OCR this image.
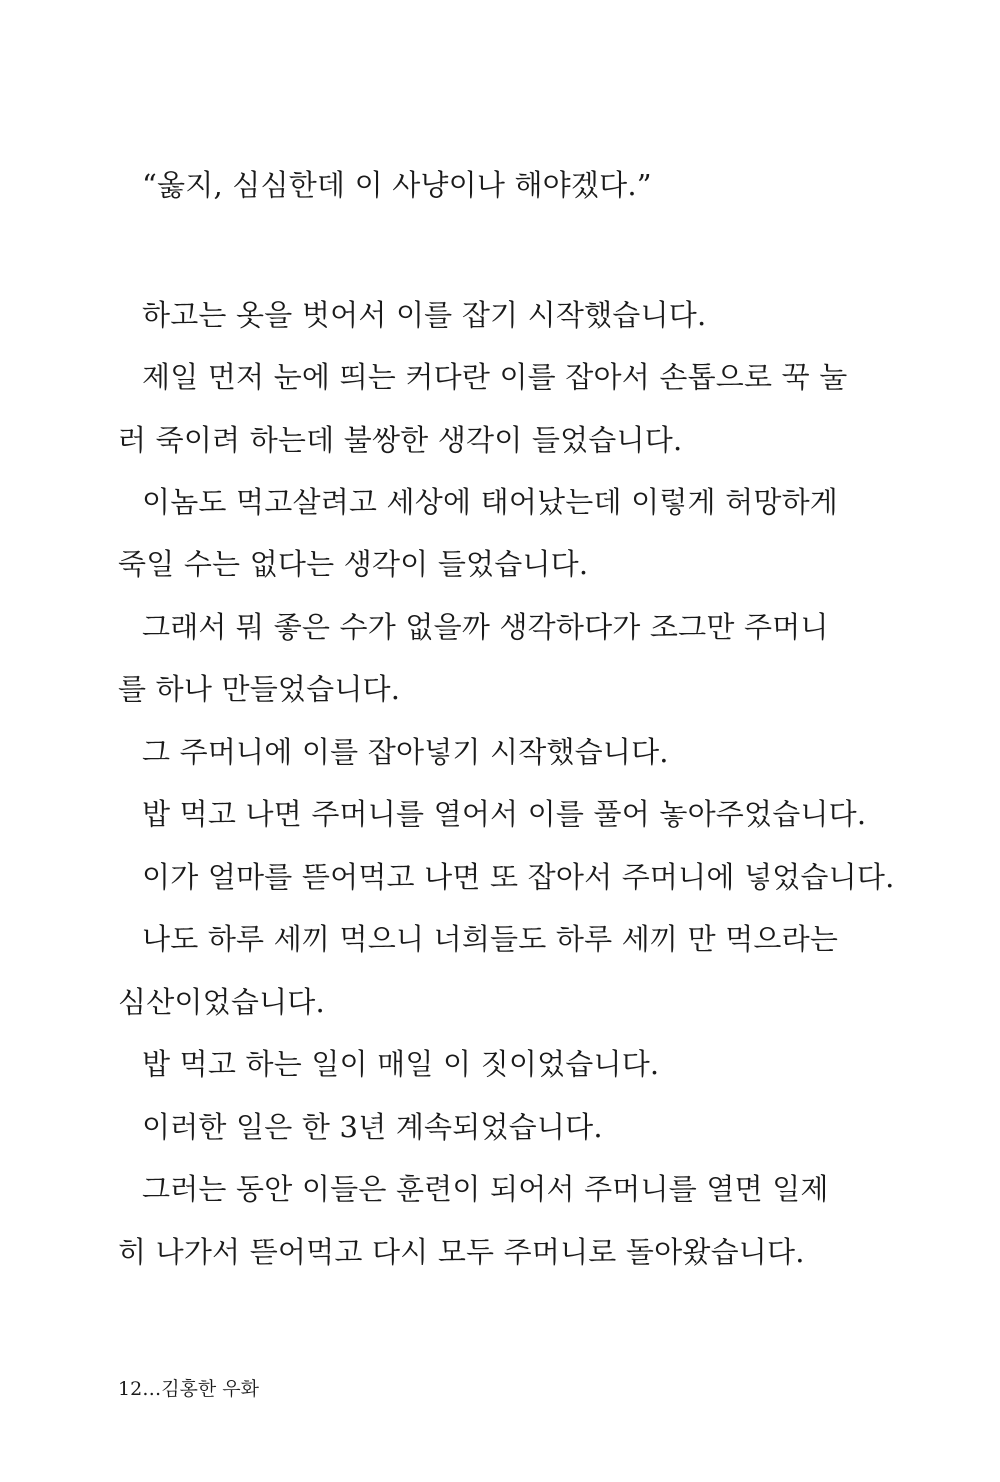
“옳지, 심심한데 이 사냥이나 해야겠다.”
하고는 옷을 벗어서 이를 잡기 시작했습니다.
제일 먼저 눈에 띄는 커다란 이를 잡아서 손톱으로 꾹 눌
러 죽이려 하는데 불쌍한 생각이 들었습니다.
이놈도 먹고살려고 세상에 태어났는데 이렇게 허망하게
죽일 수는 없다는 생각이 들었습니다.
그래서 뭐 좋은 수가 없을까 생각하다가 조그만 주머니
를 하나 만들었습니다.
그 주머니에 이를 잡아넣기 시작했습니다.
밥 먹고 나면 주머니를 열어서 이를 풀어 놓아주었습니다.
이가 얼마를 뜯어먹고 나면 또 잡아서 주머니에 넣었습니다.
나도 하루 세끼 먹으니 너희들도 하루 세끼 만 먹으라는
심산이었습니다.
밥 먹고 하는 일이 매일 이 짓이었습니다.
이러한 일은 한 3년 계속되었습니다.
그러는 동안 이들은 훈련이 되어서 주머니를 열면 일제
히 나가서 뜯어먹고 다시 모두 주머니로 돌아왔습니다.
12…김홍한 우화
